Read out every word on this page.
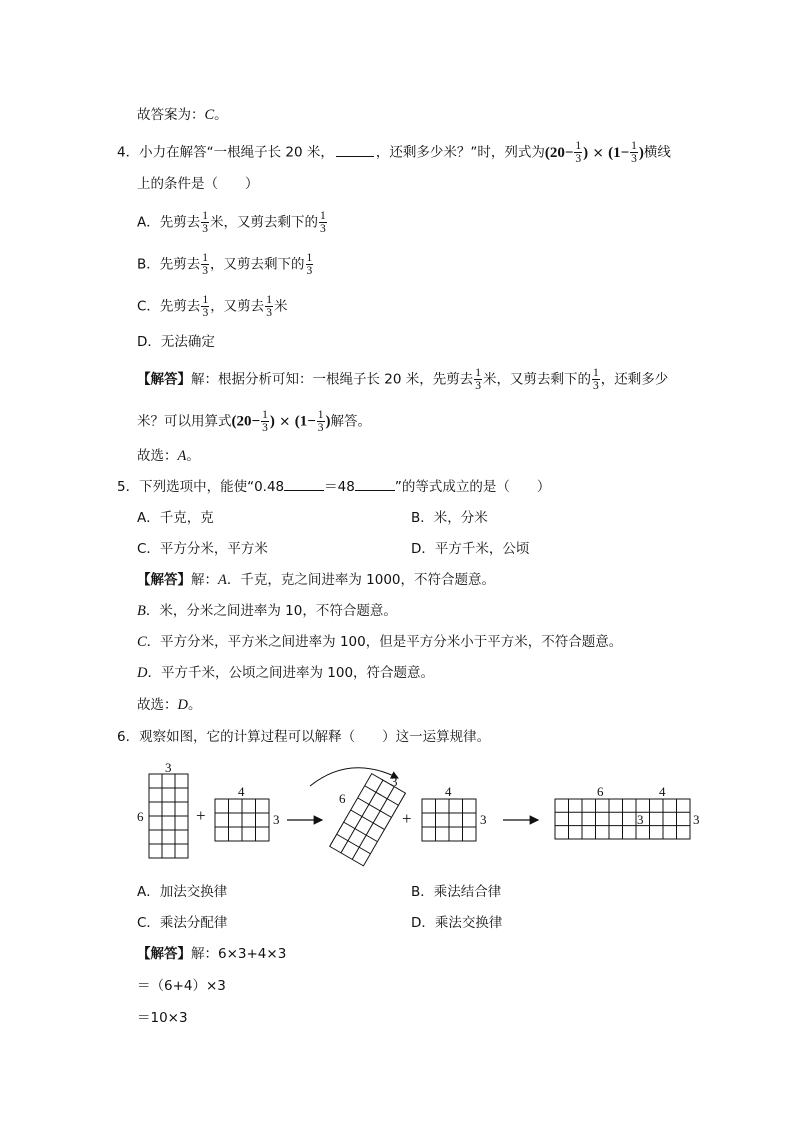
故答案为：C。
4．小力在解答“一根绳子长 20 米，	，还剩多少米？”时，列式为($20- \frac{1}{3}$ ) × ($1- \frac{1}{3}$ )横线
上的条件是（　　）
A．先剪去 $\frac{1}{3}$ 米，又剪去剩下的 $\frac{1}{3}$
B．先剪去 $\frac{1}{3}$ ，又剪去剩下的 $\frac{1}{3}$
C．先剪去 $\frac{1}{3}$ ，又剪去 $\frac{1}{3}$ 米
D．无法确定
【解答】解：根据分析可知：一根绳子长 20 米，先剪去 $\frac{1}{3}$ 米，又剪去剩下的 $\frac{1}{3}$ ，还剩多少
米？可以用算式($20- \frac{1}{3}$ ) × ($1- \frac{1}{3}$ )解答。
故选：A。
5．下列选项中，能使“0.48	＝48	”的等式成立的是（　　）
A．千克，克	B．米，分米
C．平方分米，平方米	D．平方千米，公顷
【解答】解：A．千克，克之间进率为 1000，不符合题意。
B．米，分米之间进率为 10，不符合题意。
C．平方分米，平方米之间进率为 100，但是平方分米小于平方米，不符合题意。
D．平方千米，公顷之间进率为 100，符合题意。
故选：D。
6．观察如图，它的计算过程可以解释（　　）这一运算规律。
3
6	+
4
3
3
6
+
4
3
6	4
3	3
A．加法交换律	B．乘法结合律
C．乘法分配律	D．乘法交换律
【解答】解：6×3+4×3
＝（6+4）×3
＝10×3
